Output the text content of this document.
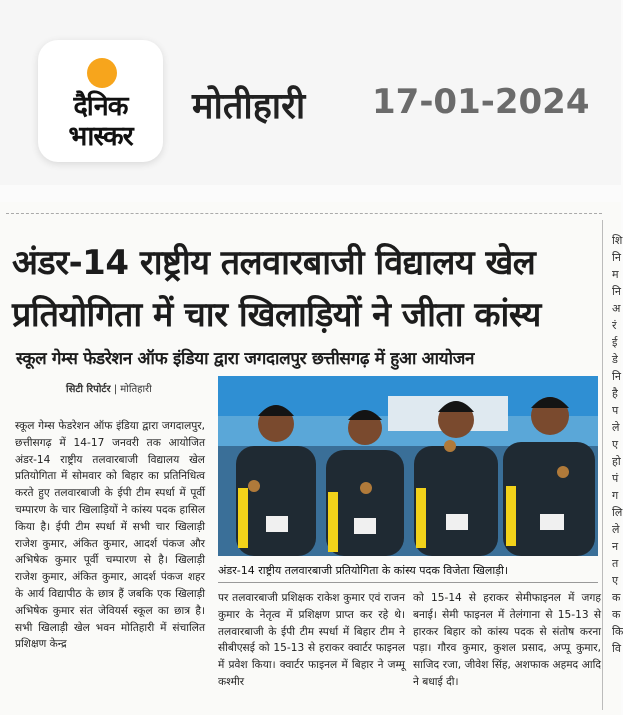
दैनिक
भास्कर
मोतीहारी 17-01-2024
शि नि म नि अ रं ई डे नि है प ले ए हो पं ग लि ले न त ए क क कि वि
अंडर-14 राष्ट्रीय तलवारबाजी विद्यालय खेल
प्रतियोगिता में चार खिलाड़ियों ने जीता कांस्य
स्कूल गेम्स फेडरेशन ऑफ इंडिया द्वारा जगदालपुर छत्तीसगढ़ में हुआ आयोजन
सिटी रिपोर्टर | मोतिहारी
स्कूल गेम्स फेडरेशन ऑफ इंडिया द्वारा जगदालपुर, छत्तीसगढ़ में 14-17 जनवरी तक आयोजित अंडर-14 राष्ट्रीय तलवारबाजी विद्यालय खेल प्रतियोगिता में सोमवार को बिहार का प्रतिनिधित्व करते हुए तलवारबाजी के ईपी टीम स्पर्धा में पूर्वी चम्पारण के चार खिलाड़ियों ने कांस्य पदक हासिल किया है। ईपी टीम स्पर्धा में सभी चार खिलाड़ी राजेश कुमार, अंकित कुमार, आदर्श पंकज और अभिषेक कुमार पूर्वी चम्पारण से है। खिलाड़ी राजेश कुमार, अंकित कुमार, आदर्श पंकज शहर के आर्य विद्यापीठ के छात्र हैं जबकि एक खिलाड़ी अभिषेक कुमार संत जेवियर्स स्कूल का छात्र है। सभी खिलाड़ी खेल भवन मोतिहारी में संचालित प्रशिक्षण केन्द्र
अंडर-14 राष्ट्रीय तलवारबाजी प्रतियोगिता के कांस्य पदक विजेता खिलाड़ी।
पर तलवारबाजी प्रशिक्षक राकेश कुमार एवं राजन कुमार के नेतृत्व में प्रशिक्षण प्राप्त कर रहे थे। तलवारबाजी के ईपी टीम स्पर्धा में बिहार टीम ने सीबीएसई को 15-13 से हराकर क्वार्टर फाइनल में प्रवेश किया। क्वार्टर फाइनल में बिहार ने जम्मू कश्मीर
को 15-14 से हराकर सेमीफाइनल में जगह बनाई। सेमी फाइनल में तेलंगाना से 15-13 से हारकर बिहार को कांस्य पदक से संतोष करना पड़ा। गौरव कुमार, कुशल प्रसाद, अप्पू कुमार, साजिद रजा, जीवेश सिंह, अशफाक अहमद आदि ने बधाई दी।
